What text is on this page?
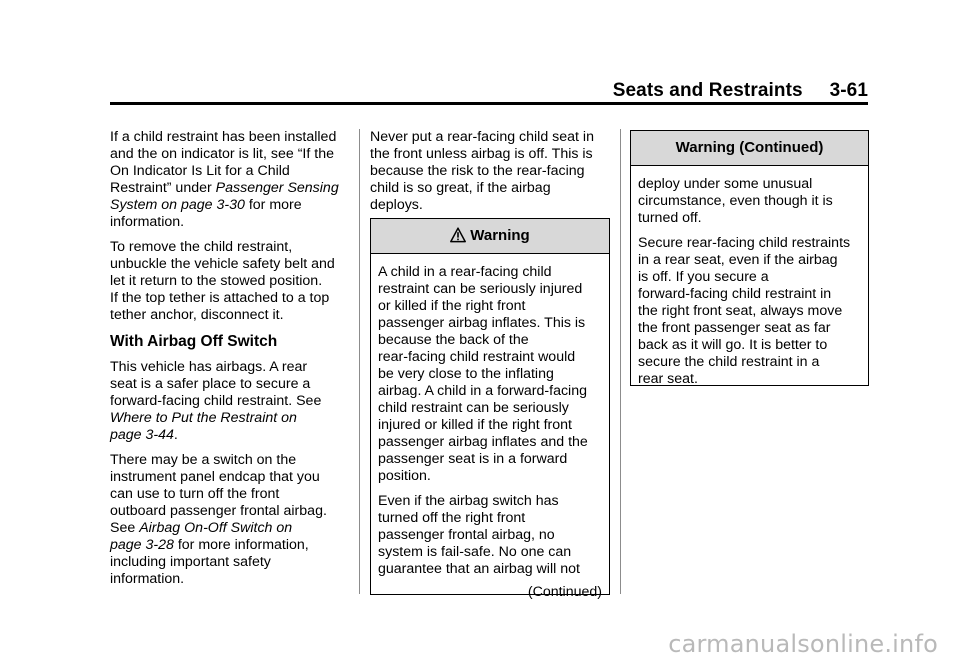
Seats and Restraints     3-61

If a child restraint has been installed
and the on indicator is lit, see “If the
On Indicator Is Lit for a Child
Restraint” under Passenger Sensing
System on page 3-30 for more
information.

To remove the child restraint,
unbuckle the vehicle safety belt and
let it return to the stowed position.
If the top tether is attached to a top
tether anchor, disconnect it.

With Airbag Off Switch

This vehicle has airbags. A rear
seat is a safer place to secure a
forward-facing child restraint. See
Where to Put the Restraint on
page 3-44.

There may be a switch on the
instrument panel endcap that you
can use to turn off the front
outboard passenger frontal airbag.
See Airbag On-Off Switch on
page 3-28 for more information,
including important safety
information.

Never put a rear-facing child seat in
the front unless airbag is off. This is
because the risk to the rear-facing
child is so great, if the airbag
deploys.

Warning

A child in a rear-facing child
restraint can be seriously injured
or killed if the right front
passenger airbag inflates. This is
because the back of the
rear-facing child restraint would
be very close to the inflating
airbag. A child in a forward-facing
child restraint can be seriously
injured or killed if the right front
passenger airbag inflates and the
passenger seat is in a forward
position.

Even if the airbag switch has
turned off the right front
passenger frontal airbag, no
system is fail-safe. No one can
guarantee that an airbag will not

(Continued)
Warning (Continued)

deploy under some unusual
circumstance, even though it is
turned off.

Secure rear-facing child restraints
in a rear seat, even if the airbag
is off. If you secure a
forward-facing child restraint in
the right front seat, always move
the front passenger seat as far
back as it will go. It is better to
secure the child restraint in a
rear seat.

carmanualsonline.info
